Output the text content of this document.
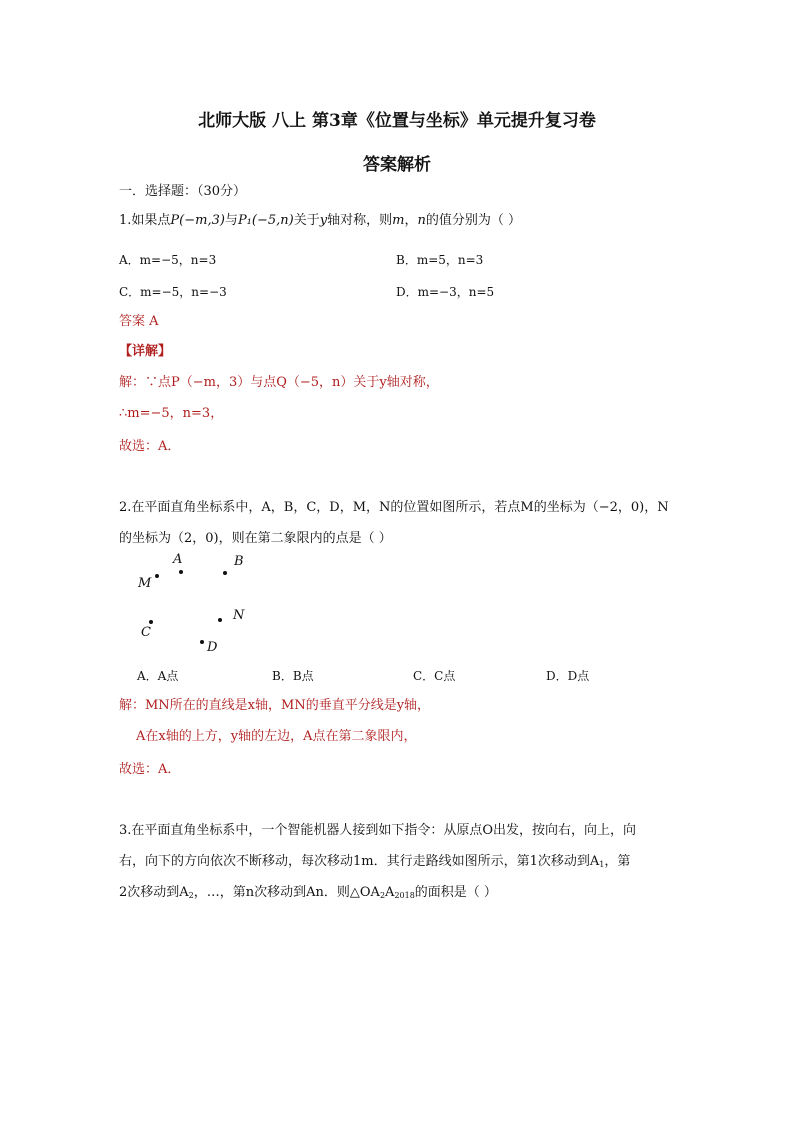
北师大版 八上 第3章《位置与坐标》单元提升复习卷
答案解析
一．选择题：（30分）
1.如果点P(−m,3)与P₁(−5,n)关于y轴对称，则m，n的值分别为（ ）
A．m=−5，n=3	B．m=5，n=3
C．m=−5，n=−3	D．m=−3，n=5
答案 A
【详解】
解：∵点P（−m，3）与点Q（−5，n）关于y轴对称，
∴m=−5，n=3，
故选：A．
2.在平面直角坐标系中，A，B，C，D，M，N的位置如图所示，若点M的坐标为（−2，0)，N
的坐标为（2，0)，则在第二象限内的点是（ ）
A	B
M
N
C
D
A．A点	B．B点	C．C点	D．D点
解：MN所在的直线是x轴，MN的垂直平分线是y轴，
A在x轴的上方，y轴的左边，A点在第二象限内，
故选：A．
3.在平面直角坐标系中，一个智能机器人接到如下指令：从原点O出发，按向右，向上，向
右，向下的方向依次不断移动，每次移动1m．其行走路线如图所示，第1次移动到$A_1$，第
2次移动到$A_2$，…，第n次移动到An．则$\triangle OA_2A_{2018}$的面积是（ ）
